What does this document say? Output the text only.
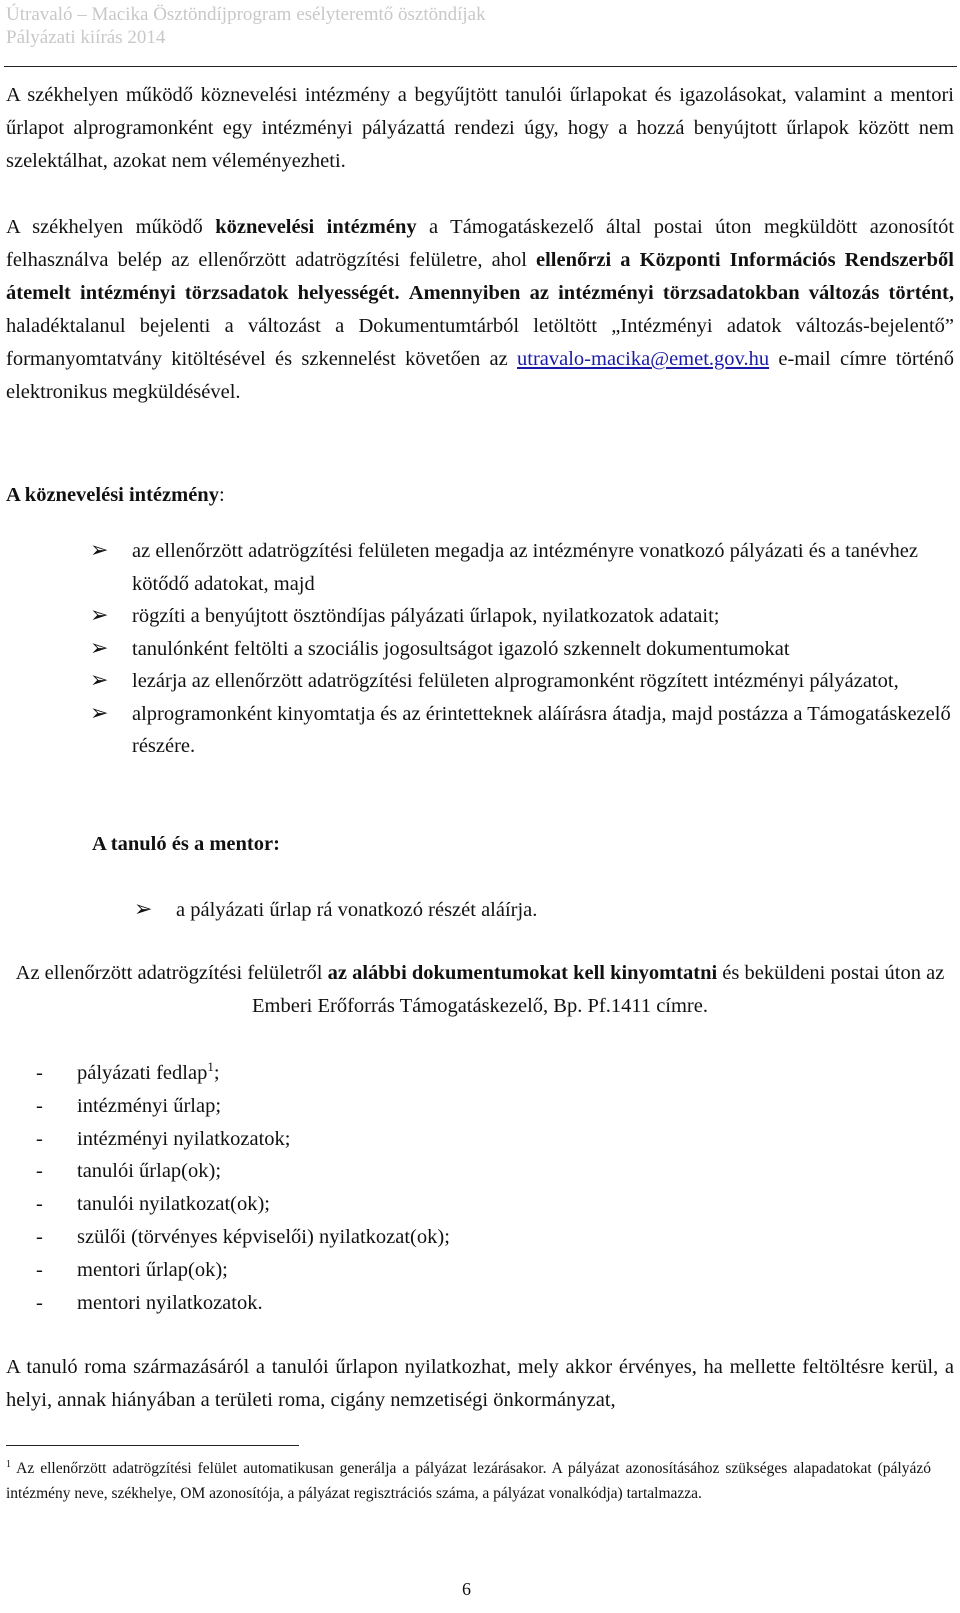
Útravaló – Macika Ösztöndíjprogram esélyteremtő ösztöndíjak
Pályázati kiírás 2014
A székhelyen működő köznevelési intézmény a begyűjtött tanulói űrlapokat és igazolásokat, valamint a mentori űrlapot alprogramonként egy intézményi pályázattá rendezi úgy, hogy a hozzá benyújtott űrlapok között nem szelektálhat, azokat nem véleményezheti.
A székhelyen működő köznevelési intézmény a Támogatáskezelő által postai úton megküldött azonosítót felhasználva belép az ellenőrzött adatrögzítési felületre, ahol ellenőrzi a Központi Információs Rendszerből átemelt intézményi törzsadatok helyességét. Amennyiben az intézményi törzsadatokban változás történt, haladéktalanul bejelenti a változást a Dokumentumtárból letöltött „Intézményi adatok változás-bejelentő” formanyomtatvány kitöltésével és szkennelést követően az utravalo-macika@emet.gov.hu e-mail címre történő elektronikus megküldésével.
A köznevelési intézmény:
➢ az ellenőrzött adatrögzítési felületen megadja az intézményre vonatkozó pályázati és a tanévhez kötődő adatokat, majd
➢ rögzíti a benyújtott ösztöndíjas pályázati űrlapok, nyilatkozatok adatait;
➢ tanulónként feltölti a szociális jogosultságot igazoló szkennelt dokumentumokat
➢ lezárja az ellenőrzött adatrögzítési felületen alprogramonként rögzített intézményi pályázatot,
➢ alprogramonként kinyomtatja és az érintetteknek aláírásra átadja, majd postázza a Támogatáskezelő részére.
A tanuló és a mentor:
➢ a pályázati űrlap rá vonatkozó részét aláírja.
Az ellenőrzött adatrögzítési felületről az alábbi dokumentumokat kell kinyomtatni és beküldeni postai úton az Emberi Erőforrás Támogatáskezelő, Bp. Pf.1411 címre.
- pályázati fedlap$^1$;
- intézményi űrlap;
- intézményi nyilatkozatok;
- tanulói űrlap(ok);
- tanulói nyilatkozat(ok);
- szülői (törvényes képviselői) nyilatkozat(ok);
- mentori űrlap(ok);
- mentori nyilatkozatok.
A tanuló roma származásáról a tanulói űrlapon nyilatkozhat, mely akkor érvényes, ha mellette feltöltésre kerül, a helyi, annak hiányában a területi roma, cigány nemzetiségi önkormányzat,
$^1$ Az ellenőrzött adatrögzítési felület automatikusan generálja a pályázat lezárásakor. A pályázat azonosításához szükséges alapadatokat (pályázó intézmény neve, székhelye, OM azonosítója, a pályázat regisztrációs száma, a pályázat vonalkódja) tartalmazza.
6
